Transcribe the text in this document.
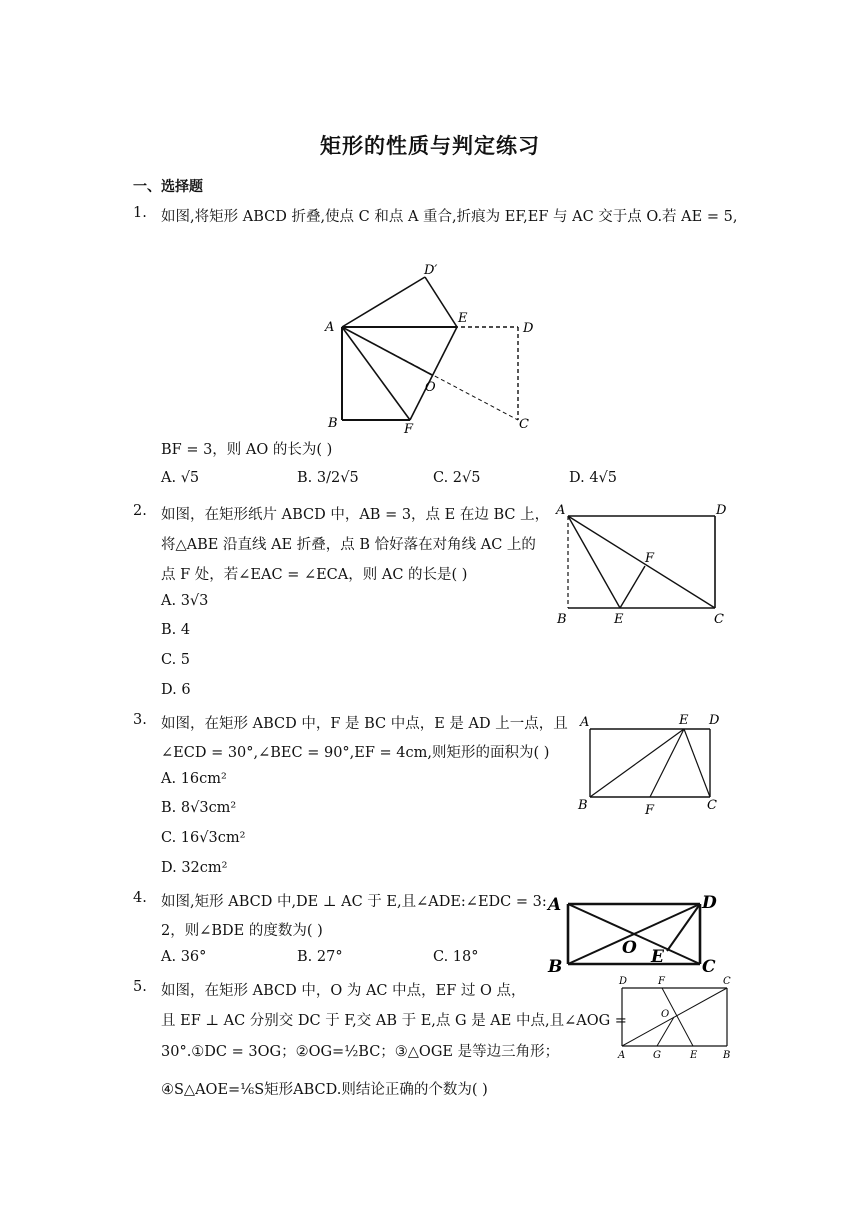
矩形的性质与判定练习
一、选择题
1. 如图,将矩形 ABCD 折叠,使点 C 和点 A 重合,折痕为 EF,EF 与 AC 交于点 O.若 AE = 5,
D′
A
E
D
O
B	F	C
BF = 3，则 AO 的长为( )
A. √5	B. 3/2√5	C. 2√5	D. 4√5
2. 如图，在矩形纸片 ABCD 中，AB = 3，点 E 在边 BC 上，
将△ABE 沿直线 AE 折叠，点 B 恰好落在对角线 AC 上的
点 F 处，若∠EAC = ∠ECA，则 AC 的长是( )
A. 3√3
B. 4
C. 5
D. 6
A	D
F
B	E	C
3. 如图，在矩形 ABCD 中，F 是 BC 中点，E 是 AD 上一点，且
∠ECD = 30°,∠BEC = 90°,EF = 4cm,则矩形的面积为( )
A. 16cm²
B. 8√3cm²
C. 16√3cm²
D. 32cm²
A	E D
B	F	C
4. 如图,矩形 ABCD 中,DE ⊥ AC 于 E,且∠ADE:∠EDC = 3:
2，则∠BDE 的度数为( )
A. 36°	B. 27°	C. 18°
A	D
O E
B	C
5. 如图，在矩形 ABCD 中，O 为 AC 中点，EF 过 O 点，
且 EF ⊥ AC 分别交 DC 于 F,交 AB 于 E,点 G 是 AE 中点,且∠AOG =
30°.①DC = 3OG；②OG=½BC；③△OGE 是等边三角形；
④S△AOE=⅙S矩形ABCD.则结论正确的个数为( )
D	F	C
O
A	G	E	B
